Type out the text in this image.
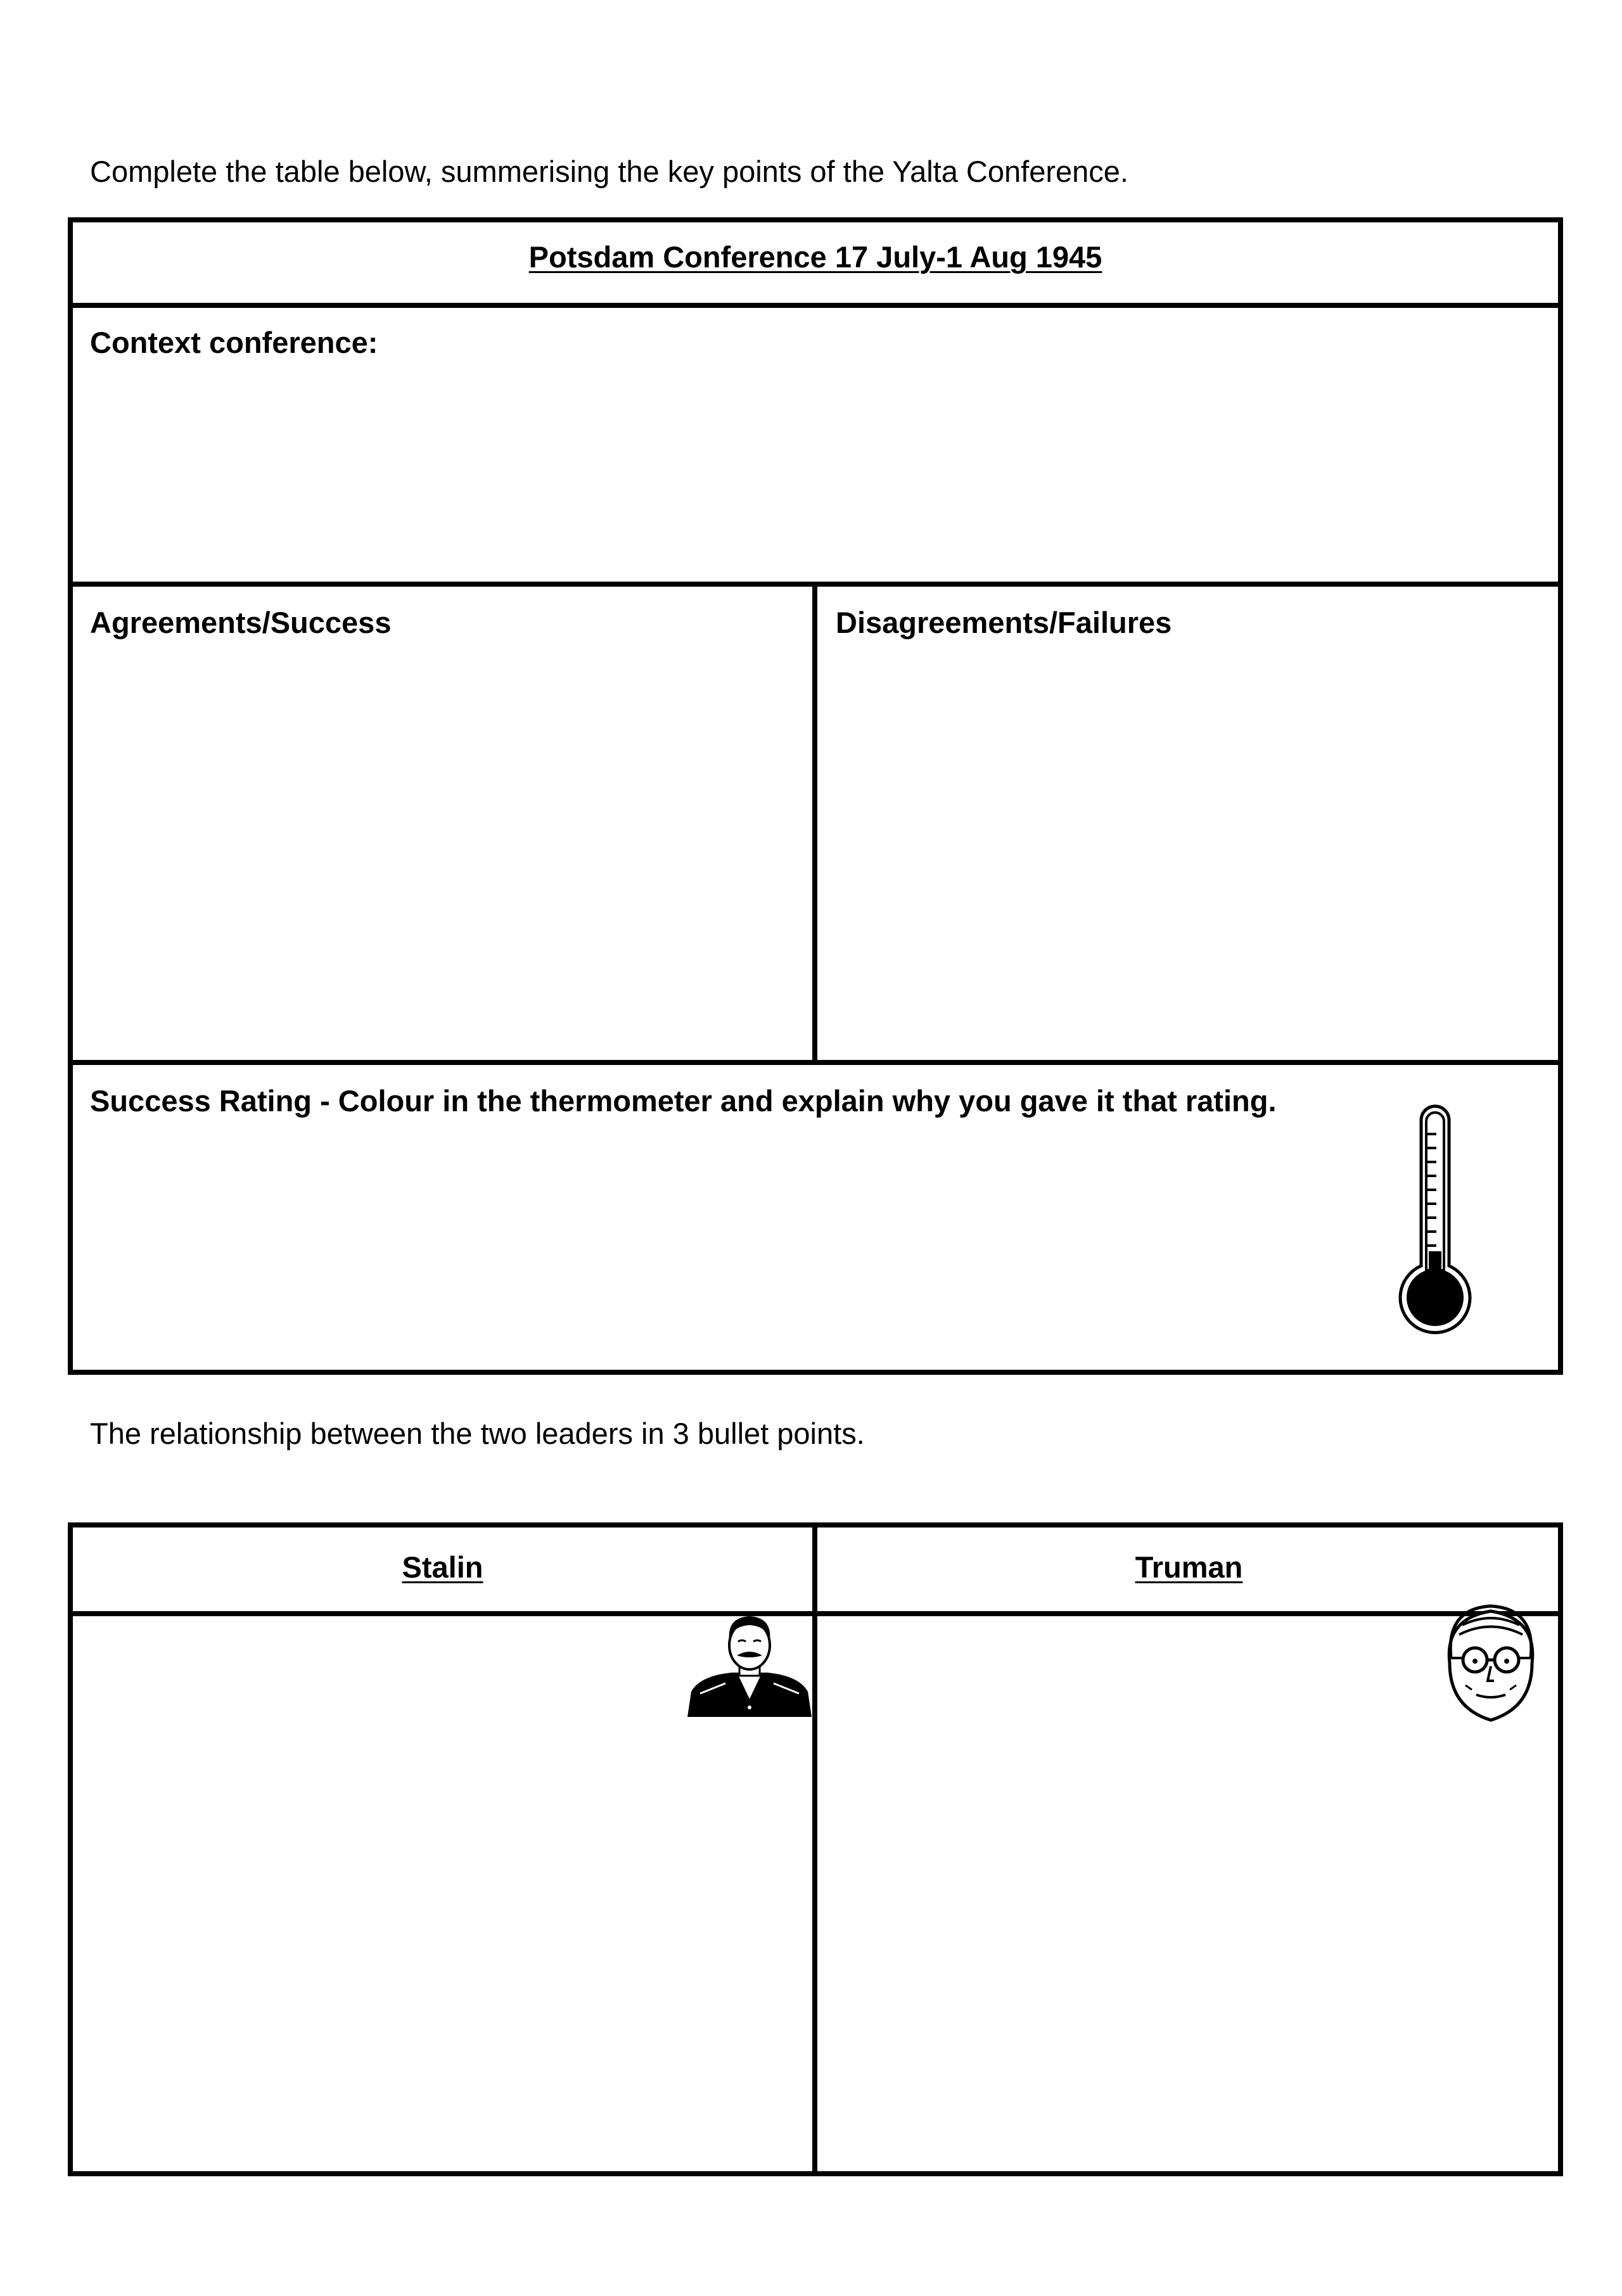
Complete the table below, summerising the key points of the Yalta Conference.
Potsdam Conference 17 July-1 Aug 1945
Context conference:
Agreements/Success	Disagreements/Failures
Success Rating - Colour in the thermometer and explain why you gave it that rating.
The relationship between the two leaders in 3 bullet points.
Stalin	Truman
